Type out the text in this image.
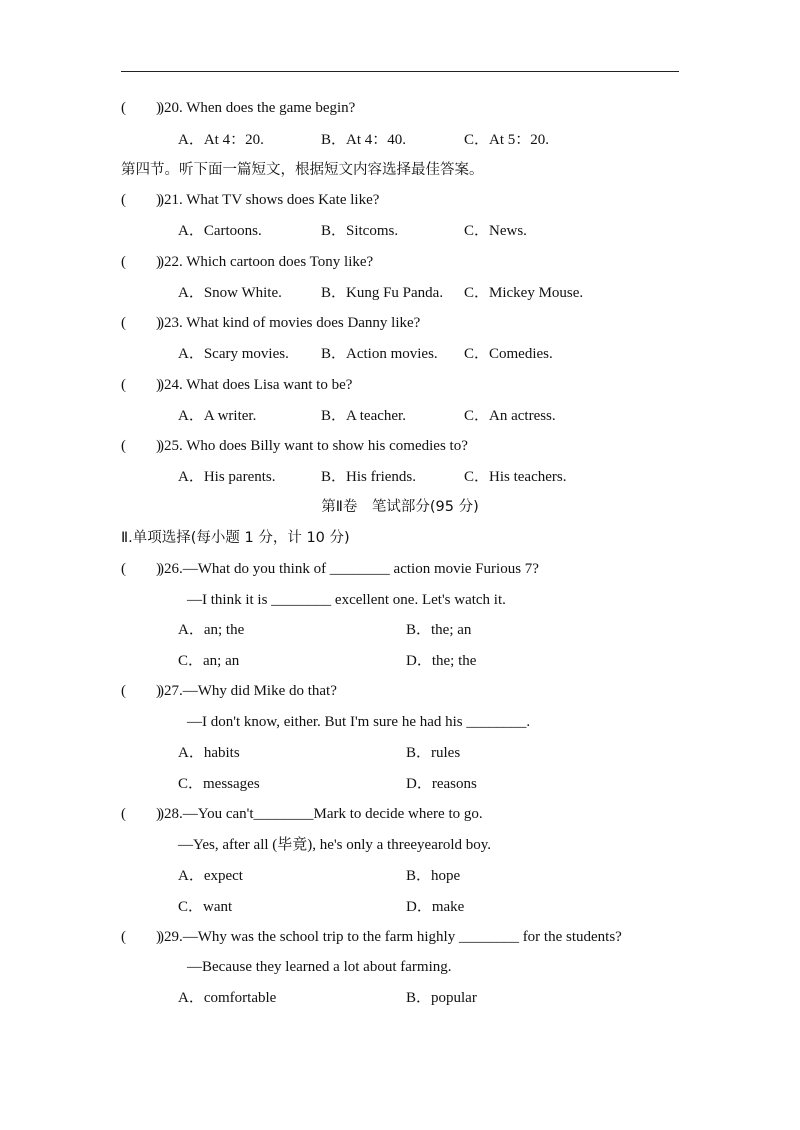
(        )
)20. When does the game begin?
A．At 4：20.	B．At 4：40.	C．At 5：20.
第四节。听下面一篇短文，根据短文内容选择最佳答案。
(        )
)21. What TV shows does Kate like?
A．Cartoons.	B．Sitcoms.	C．News.
(        )
)22. Which cartoon does Tony like?
A．Snow White.	B．Kung Fu Panda. C．Mickey Mouse.
(        )
)23. What kind of movies does Danny like?
A．Scary movies. B．Action movies. C．Comedies.
(        )
)24. What does Lisa want to be?
A．A writer.	B．A teacher.	C．An actress.
(        )
)25. Who does Billy want to show his comedies to?
A．His parents.	B．His friends.	C．His teachers.
第Ⅱ卷　笔试部分(95 分)
Ⅱ.单项选择(每小题 1 分，计 10 分)
(        )
)26.—What do you think of ________ action movie Furious 7?
—I think it is ________ excellent one. Let's watch it.
A．an; the	B．the; an
C．an; an	D．the; the
(        )
)27.—Why did Mike do that?
—I don't know, either. But I'm sure he had his ________.
A．habits	B．rules
C．messages	D．reasons
(        )
)28.—You can't________Mark to decide where to go.
—Yes, after all (毕竟), he's only a threeyearold boy.
A．expect	B．hope
C．want	D．make
(        )
)29.—Why was the school trip to the farm highly ________ for the students?
—Because they learned a lot about farming.
A．comfortable	B．popular
